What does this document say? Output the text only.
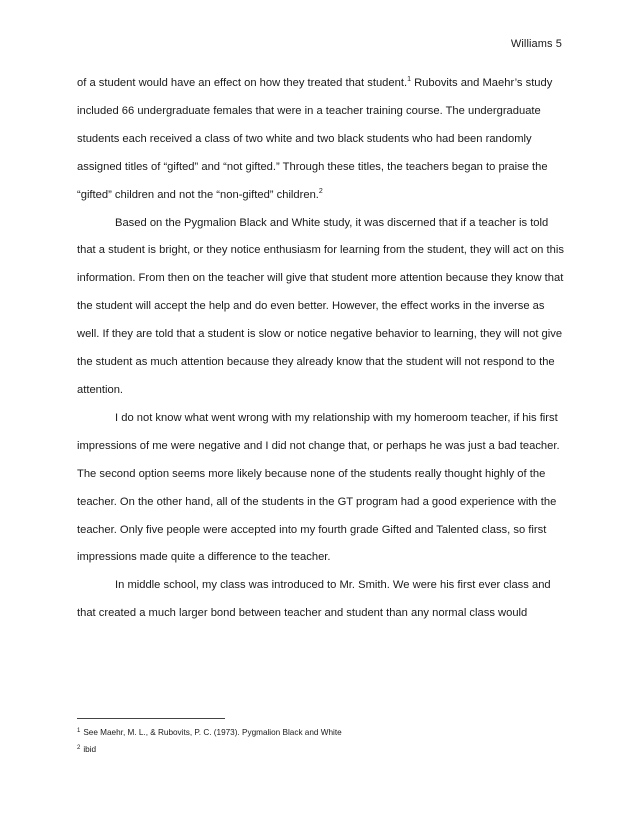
Williams 5

of a student would have an effect on how they treated that student.$^1$ Rubovits and Maehr’s study included 66 undergraduate females that were in a teacher training course. The undergraduate students each received a class of two white and two black students who had been randomly assigned titles of “gifted” and “not gifted.” Through these titles, the teachers began to praise the “gifted” children and not the “non-gifted” children.$^2$

Based on the Pygmalion Black and White study, it was discerned that if a teacher is told that a student is bright, or they notice enthusiasm for learning from the student, they will act on this information. From then on the teacher will give that student more attention because they know that the student will accept the help and do even better. However, the effect works in the inverse as well. If they are told that a student is slow or notice negative behavior to learning, they will not give the student as much attention because they already know that the student will not respond to the attention.

I do not know what went wrong with my relationship with my homeroom teacher, if his first impressions of me were negative and I did not change that, or perhaps he was just a bad teacher. The second option seems more likely because none of the students really thought highly of the teacher. On the other hand, all of the students in the GT program had a good experience with the teacher. Only five people were accepted into my fourth grade Gifted and Talented class, so first impressions made quite a difference to the teacher.

In middle school, my class was introduced to Mr. Smith. We were his first ever class and that created a much larger bond between teacher and student than any normal class would

$^1$ See Maehr, M. L., & Rubovits, P. C. (1973). Pygmalion Black and White

$^2$ ibid
